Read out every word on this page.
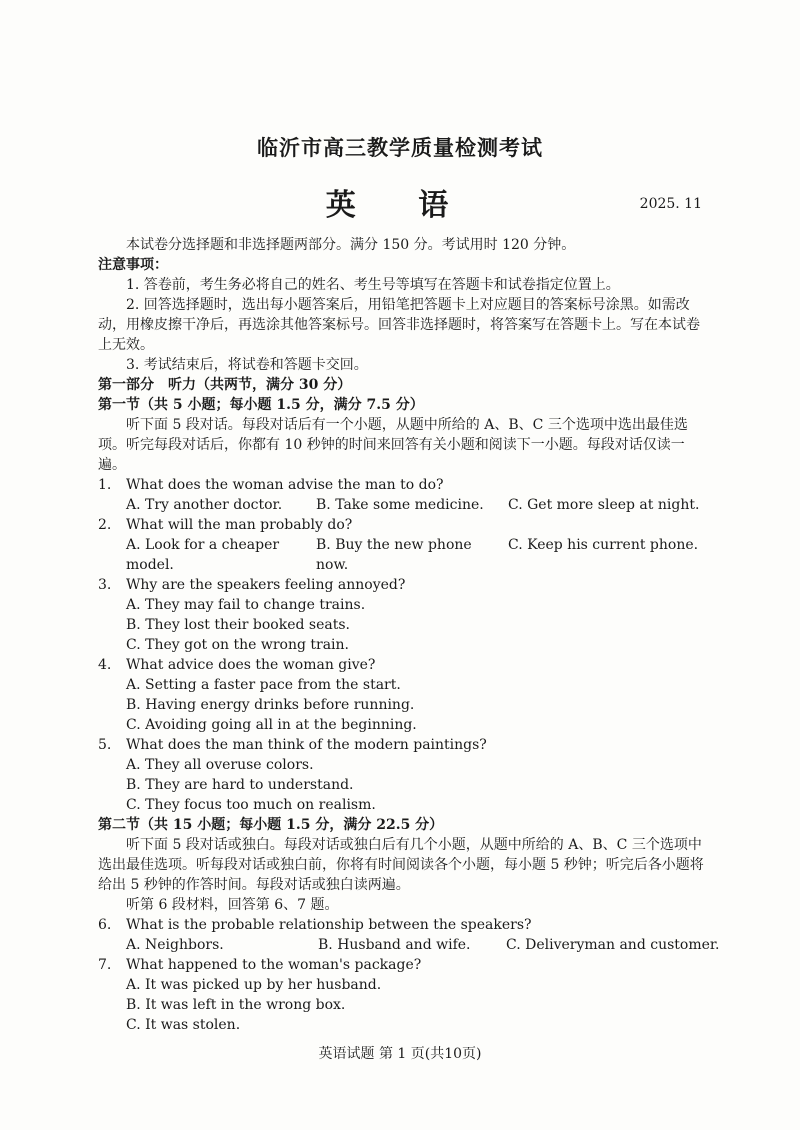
临沂市高三教学质量检测考试
英 语	2025. 11

本试卷分选择题和非选择题两部分。满分 150 分。考试用时 120 分钟。

注意事项：

1. 答卷前，考生务必将自己的姓名、考生号等填写在答题卡和试卷指定位置上。

2. 回答选择题时，选出每小题答案后，用铅笔把答题卡上对应题目的答案标号涂黑。如需改动，用橡皮擦干净后，再选涂其他答案标号。回答非选择题时，将答案写在答题卡上。写在本试卷上无效。

3. 考试结束后，将试卷和答题卡交回。

第一部分　听力（共两节，满分 30 分）

第一节（共 5 小题；每小题 1.5 分，满分 7.5 分）

听下面 5 段对话。每段对话后有一个小题，从题中所给的 A、B、C 三个选项中选出最佳选项。听完每段对话后，你都有 10 秒钟的时间来回答有关小题和阅读下一小题。每段对话仅读一遍。

1.	What does the woman advise the man to do?
A. Try another doctor.	B. Take some medicine.	C. Get more sleep at night.
2.	What will the man probably do?
A. Look for a cheaper model.
B. Buy the new phone now.
C. Keep his current phone.
3.	Why are the speakers feeling annoyed?

A. They may fail to change trains.

B. They lost their booked seats.

C. They got on the wrong train.

4.	What advice does the woman give?

A. Setting a faster pace from the start.

B. Having energy drinks before running.

C. Avoiding going all in at the beginning.

5.	What does the man think of the modern paintings?

A. They all overuse colors.

B. They are hard to understand.

C. They focus too much on realism.

第二节（共 15 小题；每小题 1.5 分，满分 22.5 分）

听下面 5 段对话或独白。每段对话或独白后有几个小题，从题中所给的 A、B、C 三个选项中选出最佳选项。听每段对话或独白前，你将有时间阅读各个小题，每小题 5 秒钟；听完后各小题将给出 5 秒钟的作答时间。每段对话或独白读两遍。

听第 6 段材料，回答第 6、7 题。

6.	What is the probable relationship between the speakers?
A. Neighbors.	B. Husband and wife.	C. Deliveryman and customer.
7.	What happened to the woman's package?

A. It was picked up by her husband.

B. It was left in the wrong box.

C. It was stolen.

英语试题 第 1 页(共10页)
